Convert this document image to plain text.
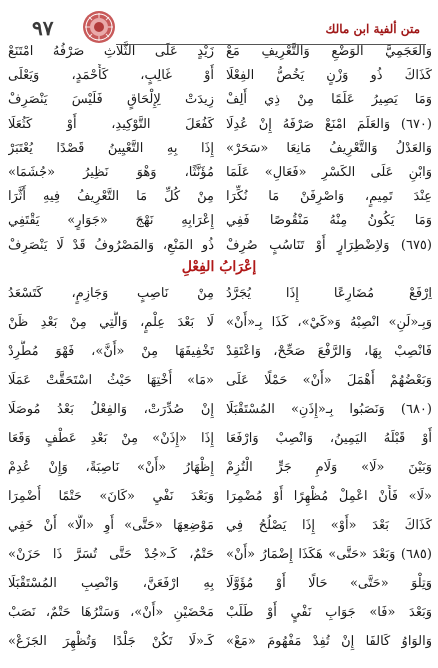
٩٧	متن ألفية ابن مالك
وَالعَجَمِيَّ الوَضْعِ وَالتَّعْرِيفِ مَعْ
زَيْدٍ عَلَى الثَّلاثِ صَرْفُهُ امْتَنَعْ
كَذَاكَ ذُو وَزْنٍ يَخُصُّ الفِعْلَا
أَوْ غَالِبٍ، كَأَحْمَدٍ، وَيَعْلَى
وَمَا يَصِيرُ عَلَمًا مِنْ ذِي أَلِفْ
زِيدَتْ لِإِلْحَاقٍ فَلَيْسَ يَنْصَرِفْ
(٦٧٠) وَالعَلَمَ امْنَعْ صَرْفَهُ إِنْ عُدِلَا
كَفُعَلَ التَّوْكِيدِ، أَوْ كَثُعَلَا
وَالعَدْلُ وَالتَّعْرِيفُ مَانِعَا «سَحَرْ»
إِذَا بِهِ التَّعْيِينُ قَصْدًا يُعْتَبَرْ
وَابْنِ عَلَى الكَسْرِ «فَعَالِ» عَلَمَا
مُؤَنَّثًا، وَهْوَ نَظِيرُ «جُشَمَا»
عِنْدَ تَمِيمٍ، وَاصْرِفَنْ مَا نُكِّرَا
مِنْ كُلِّ مَا التَّعْرِيفُ فِيهِ أَثَّرَا
وَمَا يَكُونُ مِنْهُ مَنْقُوصًا فَفِي
إِعْرَابِهِ نَهْجَ «جَوَارٍ» يَقْتَفِي
(٦٧٥) وَلاِضْطِرَارٍ أَوْ تَنَاسُبٍ صُرِفْ
ذُو المَنْعِ، وَالمَصْرُوفُ قَدْ لَا يَنْصَرِفْ
إعْرَابُ الفِعْلِ
اِرْفَعْ مُضَارِعًا إِذَا يُجَرَّدُ
مِنْ نَاصِبٍ وَجَازِمٍ، كَتَسْعَدُ
وَبِـ«لَنِ» انْصِبْهُ وَ«كَيْ»، كَذَا بِـ«أَنْ»
لَا بَعْدَ عِلْمٍ، وَالَّتِي مِنْ بَعْدِ ظَنْ
فَانْصِبْ بِهَا، وَالرَّفْعَ صَحِّحْ، وَاعْتَقِدْ
تَخْفِيفَهَا مِنْ «أَنَّ»، فَهْوَ مُطَّرِدْ
وَبَعْضُهُمْ أَهْمَلَ «أَنْ» حَمْلًا عَلَى
«مَا» أُخْتِهَا حَيْثُ اسْتَحَقَّتْ عَمَلَا
(٦٨٠) وَنَصَبُوا بِـ«إِذَنِ» المُسْتَقْبَلَا
إِنْ صُدِّرَتْ، وَالفِعْلُ بَعْدُ مُوصَلَا
أَوْ قَبْلَهُ اليَمِينُ، وَانْصِبْ وَارْفَعَا
إِذَا «إِذَنْ» مِنْ بَعْدِ عَطْفٍ وَقَعَا
وَبَيْنَ «لَا» وَلَامِ جَرٍّ الْتُزِمْ
إِظْهَارُ «أَنْ» نَاصِبَةً، وَإِنْ عُدِمْ
«لَا» فَأَنْ اعْمِلْ مُظْهِرًا أَوْ مُضْمِرَا
وَبَعْدَ نَفْيِ «كَانَ» حَتْمًا أُضْمِرَا
كَذَاكَ بَعْدَ «أَوْ» إِذَا يَصْلُحُ فِي
مَوْضِعِهَا «حَتَّى» أَوِ «الَّا» أَنْ خَفِي
(٦٨٥) وَبَعْدَ «حَتَّى» هَكَذَا إِضْمَارُ «أَنْ»
حَتْمٌ، كَـ«جُدْ حَتَّى تُسَرَّ ذَا حَزَنْ»
وَتِلْوَ «حَتَّى» حَالًا أَوْ مُؤَوَّلَا
بِهِ ارْفَعَنَّ، وَانْصِبِ المُسْتَقْبَلَا
وَبَعْدَ «فَا» جَوَابِ نَفْيٍ أَوْ طَلَبْ
مَحْضَيْنِ «أَنْ»، وَسَتْرُهَا حَتْمٌ، نَصَبْ
وَالوَاوُ كَالفَا إِنْ تُفِدْ مَفْهُومَ «مَعْ»
كَـ«لَا تَكُنْ جَلْدًا وَتُظْهِرَ الجَزَعْ»
